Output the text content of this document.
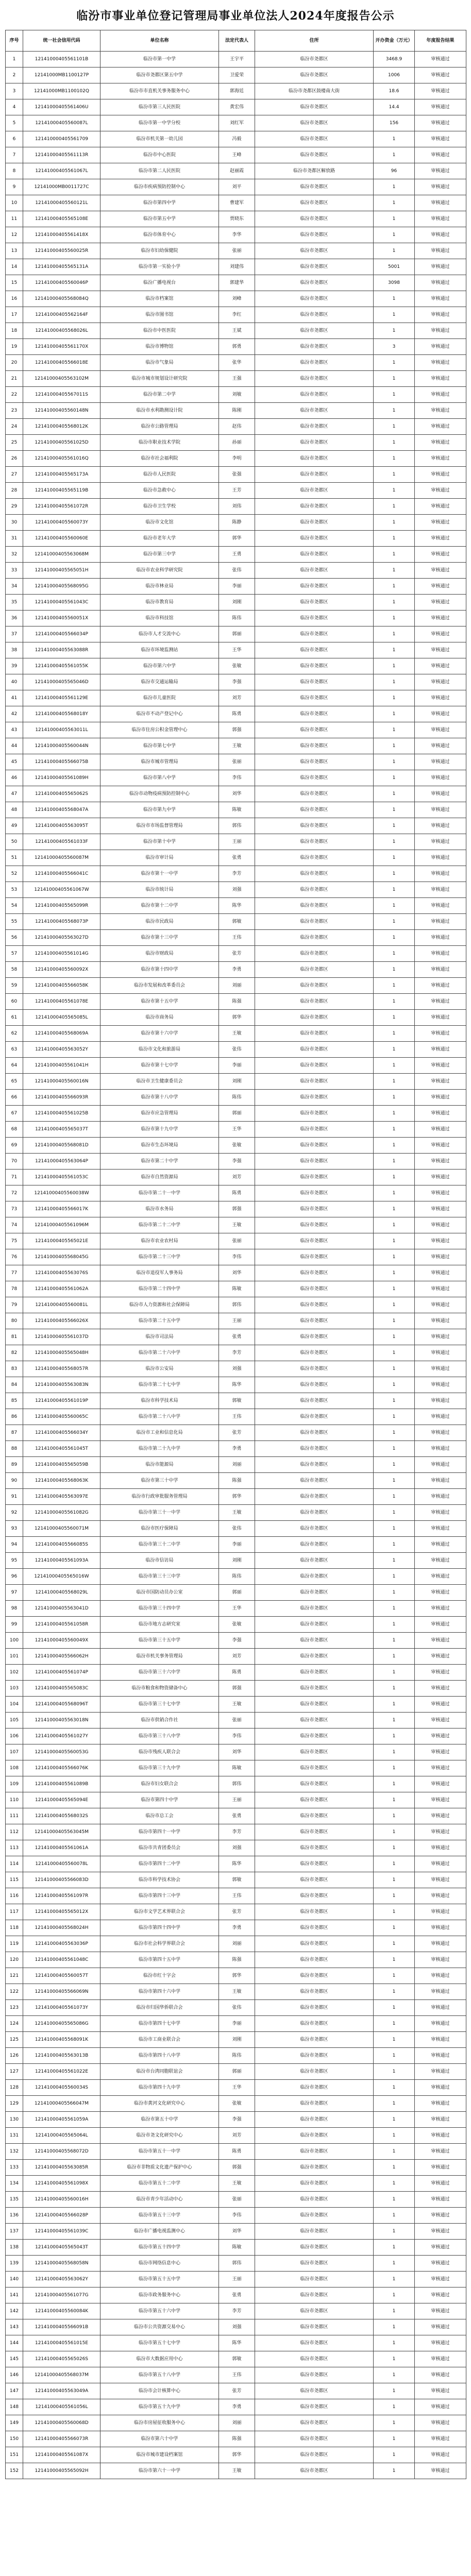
临汾市事业单位登记管理局事业单位法人2024年度报告公示
序号	统一社会信用代码	单位名称	法定代表人	住所	开办资金（万元）	年度报告结果
1	12141000405561101B	临汾市第一中学	王宇平	临汾市尧都区	3468.9	审核通过
2	12141000MB1100127P	临汾市尧都区第五中学	卫爱荣	临汾市尧都区	1006	审核通过
3	12141000MB1100102Q	临汾市市直机关事务服务中心	郭海廷	临汾市尧都区鼓楼南大街	18.6	审核通过
4	12141000405561406U	临汾市第三人民医院	黄宏伟	临汾市尧都区	14.4	审核通过
5	12141000405560087L	临汾市第一中学分校	刘红军	临汾市尧都区	156	审核通过
6	121410000405561709	临汾市机关第一幼儿园	冯毅	临汾市尧都区	1	审核通过
7	12141000405561113R	临汾市中心医院	王峰	临汾市尧都区	1	审核通过
8	12141000405561067L	临汾市第二人民医院	赵丽霞	临汾市尧都区解放路	96	审核通过
9	12141000MB0011727C	临汾市疾病预防控制中心	刘平	临汾市尧都区	1	审核通过
10	12141000405560121L	临汾市第四中学	曹建军	临汾市尧都区	1	审核通过
11	12141000405565108E	临汾市第五中学	贾晓东	临汾市尧都区	1	审核通过
12	12141000405561418X	临汾市体育中心	李华	临汾市尧都区	1	审核通过
13	12141000405560025R	临汾市妇幼保健院	张丽	临汾市尧都区	1	审核通过
14	12141000405565131A	临汾市第一实验小学	刘建伟	临汾市尧都区	5001	审核通过
15	12141000405560046P	临汾广播电视台	郭建华	临汾市尧都区	3098	审核通过
16	12141000405568084Q	临汾市档案馆	刘峰	临汾市尧都区	1	审核通过
17	12141000405562164F	临汾市图书馆	李红	临汾市尧都区	1	审核通过
18	12141000405568026L	临汾市中医医院	王斌	临汾市尧都区	1	审核通过
19	12141000405561170X	临汾市博物馆	郭勇	临汾市尧都区	3	审核通过
20	12141000405566018E	临汾市气象局	张华	临汾市尧都区	1	审核通过
21	12141000405563102M	临汾市城市规划设计研究院	王强	临汾市尧都区	1	审核通过
22	12141000405567011S	临汾市第二中学	刘敏	临汾市尧都区	1	审核通过
23	12141000405560148N	临汾市水利勘测设计院	陈刚	临汾市尧都区	1	审核通过
24	12141000405568012K	临汾市公路管理局	赵伟	临汾市尧都区	1	审核通过
25	12141000405561025D	临汾市职业技术学院	孙丽	临汾市尧都区	1	审核通过
26	12141000405561016Q	临汾市社会福利院	李明	临汾市尧都区	1	审核通过
27	12141000405565173A	临汾市人民医院	张强	临汾市尧都区	1	审核通过
28	12141000405565119B	临汾市急救中心	王芳	临汾市尧都区	1	审核通过
29	12141000405561072R	临汾市卫生学校	刘伟	临汾市尧都区	1	审核通过
30	12141000405560073Y	临汾市文化馆	陈静	临汾市尧都区	1	审核通过
31	12141000405560060E	临汾市老年大学	郭华	临汾市尧都区	1	审核通过
32	12141000405563068M	临汾市第三中学	王勇	临汾市尧都区	1	审核通过
33	12141000405565051H	临汾市农业科学研究院	张伟	临汾市尧都区	1	审核通过
34	12141000405568095G	临汾市林业局	李丽	临汾市尧都区	1	审核通过
35	12141000405561043C	临汾市教育局	刘刚	临汾市尧都区	1	审核通过
36	12141000405560051X	临汾市科技馆	陈伟	临汾市尧都区	1	审核通过
37	12141000405566034P	临汾市人才交流中心	郭丽	临汾市尧都区	1	审核通过
38	12141000405563088R	临汾市环境监测站	王华	临汾市尧都区	1	审核通过
39	12141000405561055K	临汾市第六中学	张敏	临汾市尧都区	1	审核通过
40	12141000405565046D	临汾市交通运输局	李强	临汾市尧都区	1	审核通过
41	12141000405561129E	临汾市儿童医院	刘芳	临汾市尧都区	1	审核通过
42	12141000405568018Y	临汾市不动产登记中心	陈勇	临汾市尧都区	1	审核通过
43	12141000405563011L	临汾市住房公积金管理中心	郭强	临汾市尧都区	1	审核通过
44	12141000405560044N	临汾市第七中学	王敏	临汾市尧都区	1	审核通过
45	12141000405566075B	临汾市城市管理局	张丽	临汾市尧都区	1	审核通过
46	12141000405561089H	临汾市第八中学	李伟	临汾市尧都区	1	审核通过
47	12141000405565062S	临汾市动物疫病预防控制中心	刘华	临汾市尧都区	1	审核通过
48	12141000405568047A	临汾市第九中学	陈敏	临汾市尧都区	1	审核通过
49	12141000405563095T	临汾市市场监督管理局	郭伟	临汾市尧都区	1	审核通过
50	12141000405561033F	临汾市第十中学	王丽	临汾市尧都区	1	审核通过
51	12141000405560087M	临汾市审计局	张勇	临汾市尧都区	1	审核通过
52	12141000405566041C	临汾市第十一中学	李芳	临汾市尧都区	1	审核通过
53	12141000405561067W	临汾市统计局	刘强	临汾市尧都区	1	审核通过
54	12141000405565099R	临汾市第十二中学	陈华	临汾市尧都区	1	审核通过
55	12141000405568073P	临汾市民政局	郭敏	临汾市尧都区	1	审核通过
56	12141000405563027D	临汾市第十三中学	王伟	临汾市尧都区	1	审核通过
57	12141000405561014G	临汾市财政局	张芳	临汾市尧都区	1	审核通过
58	12141000405560092X	临汾市第十四中学	李勇	临汾市尧都区	1	审核通过
59	12141000405566058K	临汾市发展和改革委员会	刘丽	临汾市尧都区	1	审核通过
60	12141000405561078E	临汾市第十五中学	陈强	临汾市尧都区	1	审核通过
61	12141000405565085L	临汾市商务局	郭华	临汾市尧都区	1	审核通过
62	12141000405568069A	临汾市第十六中学	王敏	临汾市尧都区	1	审核通过
63	12141000405563052Y	临汾市文化和旅游局	张伟	临汾市尧都区	1	审核通过
64	12141000405561041H	临汾市第十七中学	李丽	临汾市尧都区	1	审核通过
65	12141000405560016N	临汾市卫生健康委员会	刘刚	临汾市尧都区	1	审核通过
66	12141000405566093R	临汾市第十八中学	陈伟	临汾市尧都区	1	审核通过
67	12141000405561025B	临汾市应急管理局	郭丽	临汾市尧都区	1	审核通过
68	12141000405565037T	临汾市第十九中学	王华	临汾市尧都区	1	审核通过
69	12141000405568081D	临汾市生态环境局	张敏	临汾市尧都区	1	审核通过
70	12141000405563064P	临汾市第二十中学	李强	临汾市尧都区	1	审核通过
71	12141000405561053C	临汾市自然资源局	刘芳	临汾市尧都区	1	审核通过
72	12141000405560038W	临汾市第二十一中学	陈勇	临汾市尧都区	1	审核通过
73	12141000405566017K	临汾市水务局	郭强	临汾市尧都区	1	审核通过
74	12141000405561096M	临汾市第二十二中学	王敏	临汾市尧都区	1	审核通过
75	12141000405565021E	临汾市农业农村局	张丽	临汾市尧都区	1	审核通过
76	12141000405568045G	临汾市第二十三中学	李伟	临汾市尧都区	1	审核通过
77	12141000405563076S	临汾市退役军人事务局	刘华	临汾市尧都区	1	审核通过
78	12141000405561062A	临汾市第二十四中学	陈敏	临汾市尧都区	1	审核通过
79	12141000405560081L	临汾市人力资源和社会保障局	郭伟	临汾市尧都区	1	审核通过
80	12141000405566026X	临汾市第二十五中学	王丽	临汾市尧都区	1	审核通过
81	12141000405561037D	临汾市司法局	张勇	临汾市尧都区	1	审核通过
82	12141000405565048H	临汾市第二十六中学	李芳	临汾市尧都区	1	审核通过
83	12141000405568057R	临汾市公安局	刘强	临汾市尧都区	1	审核通过
84	12141000405563083N	临汾市第二十七中学	陈华	临汾市尧都区	1	审核通过
85	12141000405561019P	临汾市科学技术局	郭敏	临汾市尧都区	1	审核通过
86	12141000405560065C	临汾市第二十八中学	王伟	临汾市尧都区	1	审核通过
87	12141000405566034Y	临汾市工业和信息化局	张芳	临汾市尧都区	1	审核通过
88	12141000405561045T	临汾市第二十九中学	李勇	临汾市尧都区	1	审核通过
89	12141000405565059B	临汾市能源局	刘丽	临汾市尧都区	1	审核通过
90	12141000405568063K	临汾市第三十中学	陈强	临汾市尧都区	1	审核通过
91	12141000405563097E	临汾市行政审批服务管理局	郭华	临汾市尧都区	1	审核通过
92	12141000405561082G	临汾市第三十一中学	王敏	临汾市尧都区	1	审核通过
93	12141000405560071M	临汾市医疗保障局	张伟	临汾市尧都区	1	审核通过
94	12141000405566085S	临汾市第三十二中学	李丽	临汾市尧都区	1	审核通过
95	12141000405561093A	临汾市信访局	刘刚	临汾市尧都区	1	审核通过
96	12141000405565016W	临汾市第三十三中学	陈伟	临汾市尧都区	1	审核通过
97	12141000405568029L	临汾市国防动员办公室	郭丽	临汾市尧都区	1	审核通过
98	12141000405563041D	临汾市第三十四中学	王华	临汾市尧都区	1	审核通过
99	12141000405561058R	临汾市地方志研究室	张敏	临汾市尧都区	1	审核通过
100	12141000405560049X	临汾市第三十五中学	李强	临汾市尧都区	1	审核通过
101	12141000405566062H	临汾市机关事务管理局	刘芳	临汾市尧都区	1	审核通过
102	12141000405561074P	临汾市第三十六中学	陈勇	临汾市尧都区	1	审核通过
103	12141000405565083C	临汾市粮食和物资储备中心	郭强	临汾市尧都区	1	审核通过
104	12141000405568096T	临汾市第三十七中学	王敏	临汾市尧都区	1	审核通过
105	12141000405563018N	临汾市供销合作社	张丽	临汾市尧都区	1	审核通过
106	12141000405561027Y	临汾市第三十八中学	李伟	临汾市尧都区	1	审核通过
107	12141000405560053G	临汾市残疾人联合会	刘华	临汾市尧都区	1	审核通过
108	12141000405566076K	临汾市第三十九中学	陈敏	临汾市尧都区	1	审核通过
109	12141000405561089B	临汾市妇女联合会	郭伟	临汾市尧都区	1	审核通过
110	12141000405565094E	临汾市第四十中学	王丽	临汾市尧都区	1	审核通过
111	12141000405568032S	临汾市总工会	张勇	临汾市尧都区	1	审核通过
112	12141000405563045M	临汾市第四十一中学	李芳	临汾市尧都区	1	审核通过
113	12141000405561061A	临汾市共青团委员会	刘强	临汾市尧都区	1	审核通过
114	12141000405560078L	临汾市第四十二中学	陈华	临汾市尧都区	1	审核通过
115	12141000405566083D	临汾市科学技术协会	郭敏	临汾市尧都区	1	审核通过
116	12141000405561097R	临汾市第四十三中学	王伟	临汾市尧都区	1	审核通过
117	12141000405565012X	临汾市文学艺术界联合会	张芳	临汾市尧都区	1	审核通过
118	12141000405568024H	临汾市第四十四中学	李勇	临汾市尧都区	1	审核通过
119	12141000405563036P	临汾市社会科学界联合会	刘丽	临汾市尧都区	1	审核通过
120	12141000405561048C	临汾市第四十五中学	陈强	临汾市尧都区	1	审核通过
121	12141000405560057T	临汾市红十字会	郭华	临汾市尧都区	1	审核通过
122	12141000405566069N	临汾市第四十六中学	王敏	临汾市尧都区	1	审核通过
123	12141000405561073Y	临汾市归国华侨联合会	张伟	临汾市尧都区	1	审核通过
124	12141000405565086G	临汾市第四十七中学	李丽	临汾市尧都区	1	审核通过
125	12141000405568091K	临汾市工商业联合会	刘刚	临汾市尧都区	1	审核通过
126	12141000405563013B	临汾市第四十八中学	陈伟	临汾市尧都区	1	审核通过
127	12141000405561022E	临汾市台湾同胞联谊会	郭丽	临汾市尧都区	1	审核通过
128	12141000405560034S	临汾市第四十九中学	王华	临汾市尧都区	1	审核通过
129	12141000405566047M	临汾市黄河文化研究中心	张敏	临汾市尧都区	1	审核通过
130	12141000405561059A	临汾市第五十中学	李强	临汾市尧都区	1	审核通过
131	12141000405565064L	临汾市尧文化研究中心	刘芳	临汾市尧都区	1	审核通过
132	12141000405568072D	临汾市第五十一中学	陈勇	临汾市尧都区	1	审核通过
133	12141000405563085R	临汾市非物质文化遗产保护中心	郭强	临汾市尧都区	1	审核通过
134	12141000405561098X	临汾市第五十二中学	王敏	临汾市尧都区	1	审核通过
135	12141000405560016H	临汾市青少年活动中心	张丽	临汾市尧都区	1	审核通过
136	12141000405566028P	临汾市第五十三中学	李伟	临汾市尧都区	1	审核通过
137	12141000405561039C	临汾市广播电视监测中心	刘华	临汾市尧都区	1	审核通过
138	12141000405565043T	临汾市第五十四中学	陈敏	临汾市尧都区	1	审核通过
139	12141000405568058N	临汾市网络信息中心	郭伟	临汾市尧都区	1	审核通过
140	12141000405563062Y	临汾市第五十五中学	王丽	临汾市尧都区	1	审核通过
141	12141000405561077G	临汾市政务服务中心	张勇	临汾市尧都区	1	审核通过
142	12141000405560084K	临汾市第五十六中学	李芳	临汾市尧都区	1	审核通过
143	12141000405566091B	临汾市公共资源交易中心	刘强	临汾市尧都区	1	审核通过
144	12141000405561015E	临汾市第五十七中学	陈华	临汾市尧都区	1	审核通过
145	12141000405565026S	临汾市大数据应用中心	郭敏	临汾市尧都区	1	审核通过
146	12141000405568037M	临汾市第五十八中学	王伟	临汾市尧都区	1	审核通过
147	12141000405563049A	临汾市会计核算中心	张芳	临汾市尧都区	1	审核通过
148	12141000405561056L	临汾市第五十九中学	李勇	临汾市尧都区	1	审核通过
149	12141000405560068D	临汾市房屋征收服务中心	刘丽	临汾市尧都区	1	审核通过
150	12141000405566073R	临汾市第六十中学	陈强	临汾市尧都区	1	审核通过
151	12141000405561087X	临汾市城市建设档案馆	郭华	临汾市尧都区	1	审核通过
152	12141000405565092H	临汾市第六十一中学	王敏	临汾市尧都区	1	审核通过
